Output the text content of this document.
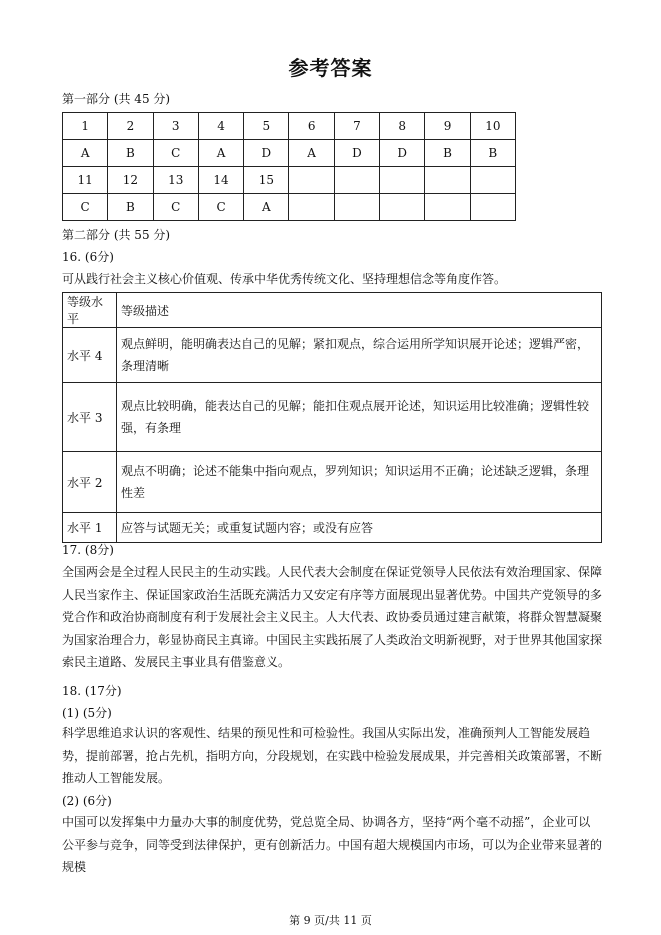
参考答案
第一部分 (共 45 分)
1	2	3	4	5	6	7	8	9	10
A	B	C	A	D	A	D	D	B	B
11	12	13	14	15					
C	B	C	C	A					
第二部分 (共 55 分)
16. (6分)
可从践行社会主义核心价值观、传承中华优秀传统文化、坚持理想信念等角度作答。
等级水平	等级描述
水平 4	观点鲜明，能明确表达自己的见解；紧扣观点，综合运用所学知识展开论述；逻辑严密，条理清晰
水平 3	观点比较明确，能表达自己的见解；能扣住观点展开论述，知识运用比较准确；逻辑性较强，有条理
水平 2	观点不明确；论述不能集中指向观点，罗列知识；知识运用不正确；论述缺乏逻辑，条理性差
水平 1	应答与试题无关；或重复试题内容；或没有应答
17. (8分)
全国两会是全过程人民民主的生动实践。人民代表大会制度在保证党领导人民依法有效治理国家、保障人民当家作主、保证国家政治生活既充满活力又安定有序等方面展现出显著优势。中国共产党领导的多党合作和政治协商制度有利于发展社会主义民主。人大代表、政协委员通过建言献策，将群众智慧凝聚为国家治理合力，彰显协商民主真谛。中国民主实践拓展了人类政治文明新视野，对于世界其他国家探索民主道路、发展民主事业具有借鉴意义。
18. (17分)
(1) (5分)
科学思维追求认识的客观性、结果的预见性和可检验性。我国从实际出发，准确预判人工智能发展趋势，提前部署，抢占先机，指明方向，分段规划，在实践中检验发展成果，并完善相关政策部署，不断推动人工智能发展。
(2) (6分)
中国可以发挥集中力量办大事的制度优势，党总览全局、协调各方，坚持“两个毫不动摇”，企业可以公平参与竞争，同等受到法律保护，更有创新活力。中国有超大规模国内市场，可以为企业带来显著的规模
第 9 页/共 11 页
